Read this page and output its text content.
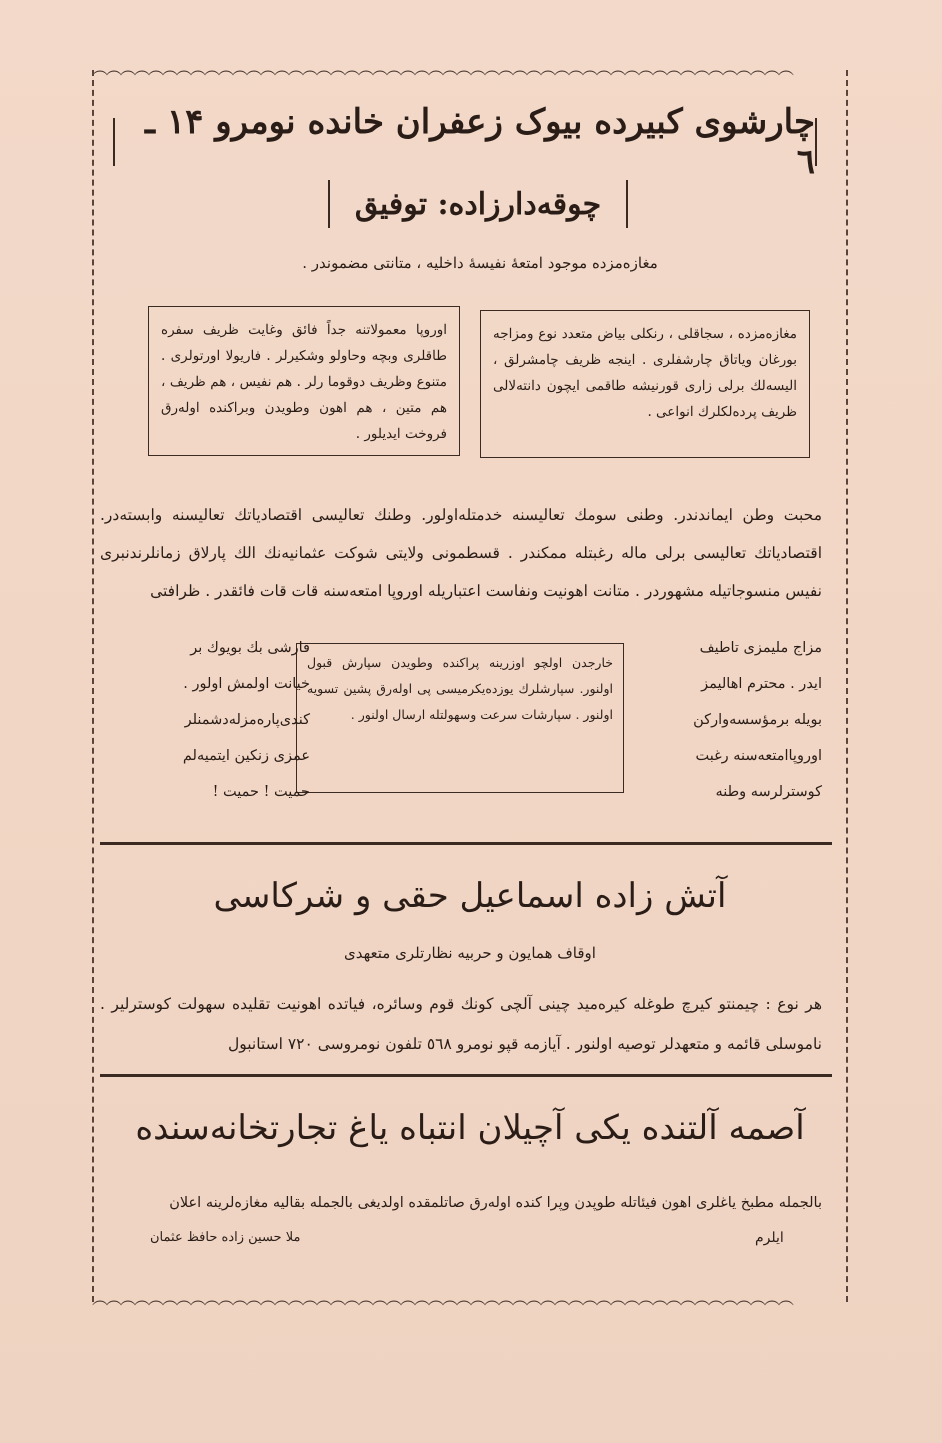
︵︵︵︵︵︵︵︵︵︵︵︵︵︵︵︵︵︵︵︵︵︵︵︵︵︵︵︵︵︵︵︵︵︵︵︵︵︵︵︵︵︵︵︵︵︵︵︵︵︵
︵︵︵︵︵︵︵︵︵︵︵︵︵︵︵︵︵︵︵︵︵︵︵︵︵︵︵︵︵︵︵︵︵︵︵︵︵︵︵︵︵︵︵︵︵︵︵︵︵︵
چارشوی کبیرده بیوک زعفران خانده نومرو ۱۴ ـ ٦
چوقه‌دارزاده: توفیق
مغازه‌مزده موجود امتعهٔ نفیسهٔ داخلیه ، متانتی مضموندر .
اوروپا معمولاتنه جداً فائق وغایت ظریف سفره طاقلری وبچه وحاولو وشکیرلر . فاریولا اورتولری . متنوع وظریف دوقوما رلر . هم نفیس ، هم ظریف ، هم متین ، هم اهون وطویدن وبراکنده اوله‌رق فروخت ایدیلور .
مغازه‌مزده ، سجاقلی ، رنکلی بیاض متعدد نوع ومزاجه بورغان ویاتاق چارشفلری . اینجه ظریف چامشرلق ، الیسه‌لك برلی زاری قورنیشه طاقمی ایچون دانته‌لالی ظریف پرده‌لکلرك انواعی .
محبت وطن ایماندندر. وطنی سومك تعالیسنه خدمتله‌اولور. وطنك تعالیسی اقتصادیاتك تعالیسنه وابسته‌در. اقتصادیاتك تعالیسی برلی ماله رغبتله ممکندر . قسطمونی ولایتی شوکت عثمانیه‌نك الك پارلاق زمانلرندنبری نفیس منسوجاتیله مشهوردر . متانت اهونیت ونفاست اعتباریله اوروپا امتعه‌سنه قات قات فائقدر . ظرافتی
مزاج ملیمزی تاطیف
ایدر . محترم اهالیمز
بویله برمؤسسه‌وارکن
اوروپاامتعه‌سنه رغبت
کوسترلرسه وطنه
خارجدن اولچو اوزرینه پراکنده وطویدن سپارش قبول اولنور. سپارشلرك یوزده‌یکرمیسی پی اوله‌رق پشین تسویه اولنور . سپارشات سرعت وسهولتله ارسال اولنور .
قارشی بك بویوك بر
خیانت اولمش اولور .
کندی‌پاره‌مزله‌دشمنلر
عمزی زنکین ایتمیه‌لم
حمیت ! حمیت !
آتش زاده اسماعیل حقی و شرکاسی
اوقاف همایون و حربیه نظارتلری متعهدی
هر نوع : چیمنتو کیرچ طوغله کیره‌مید چینی آلچی کونك قوم وسائره، فیاتده اهونیت تقلیده سهولت کوسترلیر . ناموسلی قائمه و متعهدلر توصیه اولنور . آیازمه قپو نومرو ٥٦٨ تلفون نومروسی ٧٢٠ استانبول
آصمه آلتنده یکی آچیلان انتباه یاغ تجارتخانه‌سنده
بالجمله مطبخ یاغلری اهون فیئاتله طوپدن وپرا کنده اوله‌رق صاتلمقده اولدیغی بالجمله بقالیه مغازه‌لرینه اعلان
ملا حسین زاده حافظ عثمان	ایلرم
